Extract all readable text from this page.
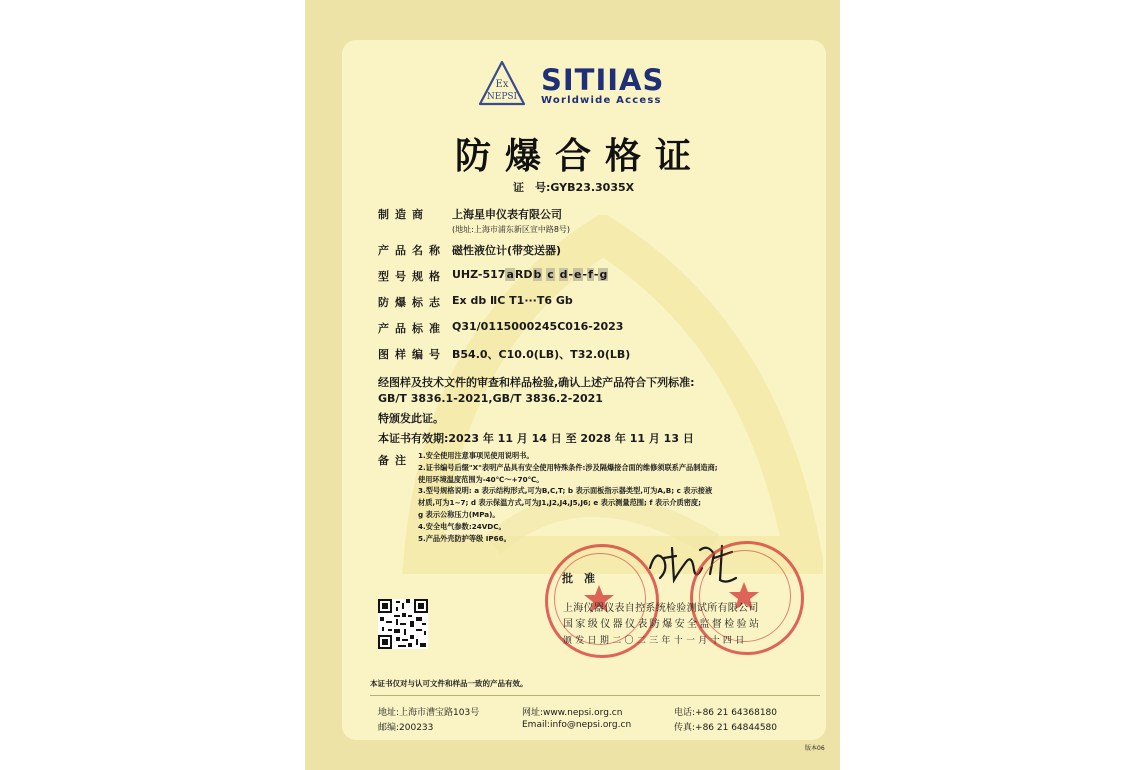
Ex
NEPSI SITIIAS
Worldwide Access
防爆合格证
证　号:GYB23.3035X
制造商 上海星申仪表有限公司
(地址:上海市浦东新区宣中路8号)
产品名称 磁性液位计(带变送器)
型号规格 UHZ-517aRDb c d-e-f-g
防爆标志 Ex db ⅡC T1···T6 Gb
产品标准 Q31/0115000245C016-2023
图样编号 B54.0、C10.0(LB)、T32.0(LB)
经图样及技术文件的审查和样品检验,确认上述产品符合下列标准:
GB/T 3836.1-2021,GB/T 3836.2-2021
特颁发此证。
本证书有效期:2023 年 11 月 14 日 至 2028 年 11 月 13 日
备注 1.安全使用注意事项见使用说明书。
2.证书编号后缀"X"表明产品具有安全使用特殊条件:涉及隔爆接合面的维修须联系产品制造商;
使用环境温度范围为-40℃～+70℃。
3.型号规格说明: a 表示结构形式,可为B,C,T; b 表示面板指示器类型,可为A,B; c 表示接液
材质,可为1~7; d 表示保温方式,可为J1,J2,J4,J5,J6; e 表示测量范围; f 表示介质密度;
g 表示公称压力(MPa)。
4.安全电气参数:24VDC。
5.产品外壳防护等级 IP66。
批　准
上海仪器仪表自控系统检验测试所有限公司
国家级仪器仪表防爆安全监督检验站
颁发日期二〇二三年十一月十四日
本证书仅对与认可文件和样品一致的产品有效。
地址:上海市漕宝路103号
邮编:200233
网址:www.nepsi.org.cn
Email:info@nepsi.org.cn
电话:+86 21 64368180
传真:+86 21 64844580
版本06
